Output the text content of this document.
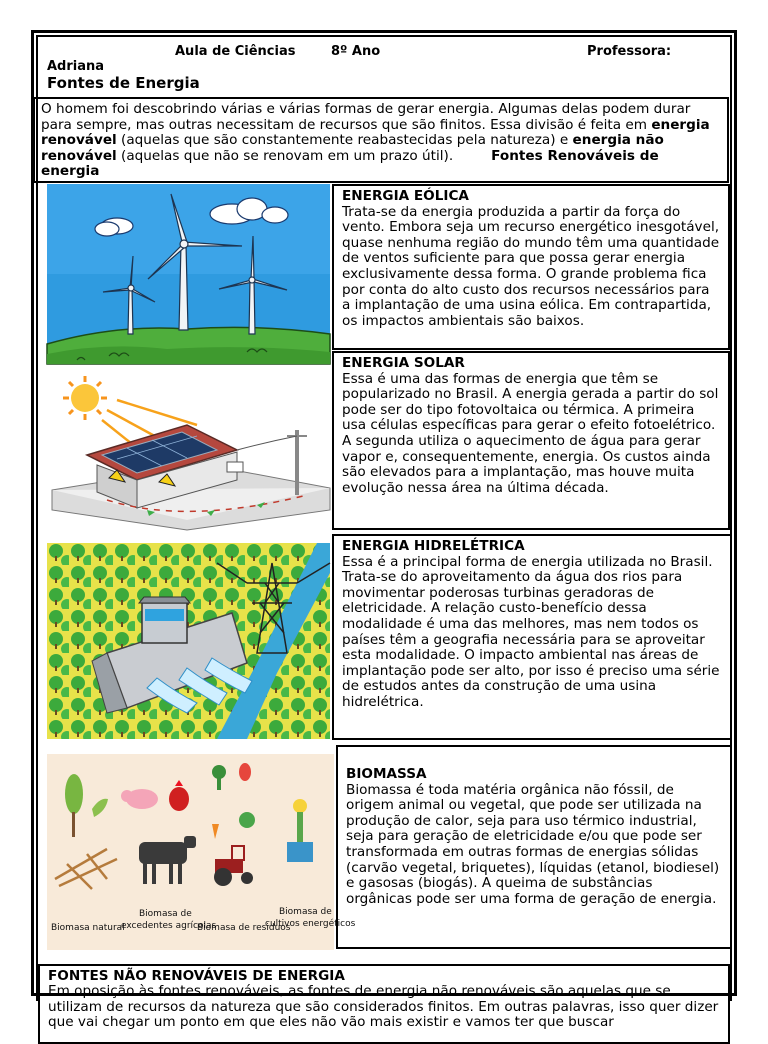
Aula de Ciências	8º Ano	Professora:
Adriana
Fontes de Energia
O homem foi descobrindo várias e várias formas de gerar energia. Algumas delas podem durar para sempre, mas outras necessitam de recursos que são finitos. Essa divisão é feita em energia renovável (aquelas que são constantemente reabastecidas pela natureza) e energia não renovável (aquelas que não se renovam em um prazo útil).	Fontes Renováveis de energia
ENERGIA EÓLICA
Trata-se da energia produzida a partir da força do vento. Embora seja um recurso energético inesgotável, quase nenhuma região do mundo têm uma quantidade de ventos suficiente para que possa gerar energia exclusivamente dessa forma. O grande problema fica por conta do alto custo dos recursos necessários para a implantação de uma usina eólica. Em contrapartida, os impactos ambientais são baixos.
ENERGIA SOLAR
Essa é uma das formas de energia que têm se popularizado no Brasil. A energia gerada a partir do sol pode ser do tipo fotovoltaica ou térmica. A primeira usa células específicas para gerar o efeito fotoelétrico. A segunda utiliza o aquecimento de água para gerar vapor e, consequentemente, energia. Os custos ainda são elevados para a implantação, mas houve muita evolução nessa área na última década.
ENERGIA HIDRELÉTRICA
Essa é a principal forma de energia utilizada no Brasil. Trata-se do aproveitamento da água dos rios para movimentar poderosas turbinas geradoras de eletricidade. A relação custo-benefício dessa modalidade é uma das melhores, mas nem todos os países têm a geografia necessária para se aproveitar esta modalidade. O impacto ambiental nas áreas de implantação pode ser alto, por isso é preciso uma série de estudos antes da construção de uma usina hidrelétrica.
Biomasa natural
Biomasa de excedentes agrícolas
Biomasa de residuos
Biomasa de cultivos energéticos
BIOMASSA
Biomassa é toda matéria orgânica não fóssil, de origem animal ou vegetal, que pode ser utilizada na produção de calor, seja para uso térmico industrial, seja para geração de eletricidade e/ou que pode ser transformada em outras formas de energias sólidas (carvão vegetal, briquetes), líquidas (etanol, biodiesel) e gasosas (biogás). A queima de substâncias orgânicas pode ser uma forma de geração de energia.
FONTES NÃO RENOVÁVEIS DE ENERGIA
Em oposição às fontes renováveis, as fontes de energia não renováveis são aquelas que se utilizam de recursos da natureza que são considerados finitos. Em outras palavras, isso quer dizer que vai chegar um ponto em que eles não vão mais existir e vamos ter que buscar
